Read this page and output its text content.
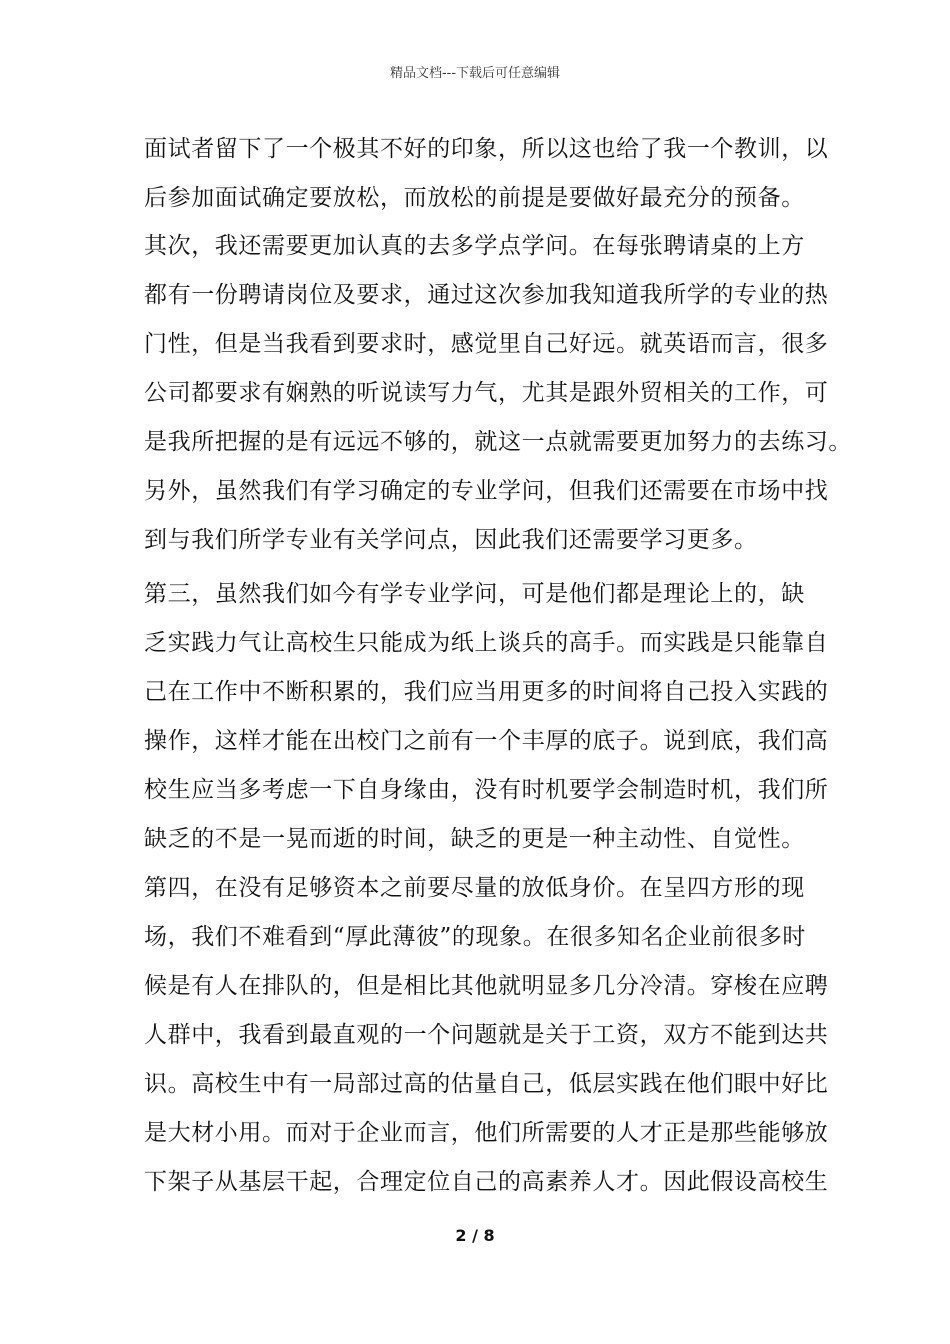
精品文档---下载后可任意编辑
面试者留下了一个极其不好的印象，所以这也给了我一个教训，以
后参加面试确定要放松，而放松的前提是要做好最充分的预备。
其次，我还需要更加认真的去多学点学问。在每张聘请桌的上方
都有一份聘请岗位及要求，通过这次参加我知道我所学的专业的热
门性，但是当我看到要求时，感觉里自己好远。就英语而言，很多
公司都要求有娴熟的听说读写力气，尤其是跟外贸相关的工作，可
是我所把握的是有远远不够的，就这一点就需要更加努力的去练习。
另外，虽然我们有学习确定的专业学问，但我们还需要在市场中找
到与我们所学专业有关学问点，因此我们还需要学习更多。
第三，虽然我们如今有学专业学问，可是他们都是理论上的，缺
乏实践力气让高校生只能成为纸上谈兵的高手。而实践是只能靠自
己在工作中不断积累的，我们应当用更多的时间将自己投入实践的
操作，这样才能在出校门之前有一个丰厚的底子。说到底，我们高
校生应当多考虑一下自身缘由，没有时机要学会制造时机，我们所
缺乏的不是一晃而逝的时间，缺乏的更是一种主动性、自觉性。
第四，在没有足够资本之前要尽量的放低身价。在呈四方形的现
场，我们不难看到“厚此薄彼”的现象。在很多知名企业前很多时
候是有人在排队的，但是相比其他就明显多几分冷清。穿梭在应聘
人群中，我看到最直观的一个问题就是关于工资，双方不能到达共
识。高校生中有一局部过高的估量自己，低层实践在他们眼中好比
是大材小用。而对于企业而言，他们所需要的人才正是那些能够放
下架子从基层干起，合理定位自己的高素养人才。因此假设高校生
2 / 8
